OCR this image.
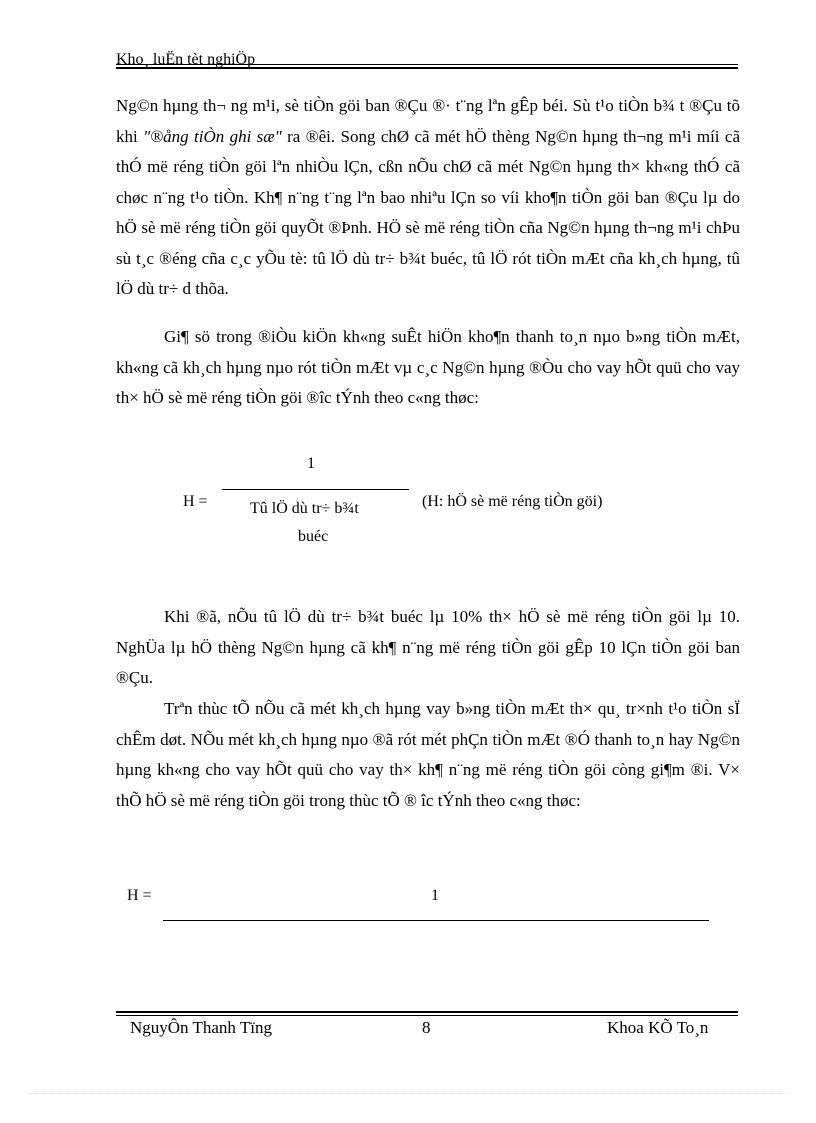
Kho¸ luËn tèt nghiÖp

Ng©n hµng th¬ ng m¹i, sè tiÒn göi ban ®Çu ®· t¨ng lªn gÊp béi. Sù t¹o tiÒn b¾ t ®Çu tõ khi "®ång tiÒn ghi sæ" ra ®êi. Song chØ cã mét hÖ thèng Ng©n hµng th¬ng m¹i míi cã thÓ më réng tiÒn göi lªn nhiÒu lÇn, cßn nÕu chØ cã mét Ng©n hµng th× kh«ng thÓ cã chøc n¨ng t¹o tiÒn. Kh¶ n¨ng t¨ng lªn bao nhiªu lÇn so víi kho¶n tiÒn göi ban ®Çu lµ do hÖ sè më réng tiÒn göi quyÕt ®Þnh. HÖ sè më réng tiÒn cña Ng©n hµng th¬ng m¹i chÞu sù t¸c ®éng cña c¸c yÕu tè: tû lÖ dù tr÷ b¾t buéc, tû lÖ rót tiÒn mÆt cña kh¸ch hµng, tû lÖ dù tr÷ d thõa.

Gi¶ sö trong ®iÒu kiÖn kh«ng suÊt hiÖn kho¶n thanh to¸n nµo b»ng tiÒn mÆt, kh«ng cã kh¸ch hµng nµo rót tiÒn mÆt vµ c¸c Ng©n hµng ®Òu cho vay hÕt quü cho vay th× hÖ sè më réng tiÒn göi ®îc tÝnh theo c«ng thøc:

1
H =	Tû lÖ dù tr÷ b¾t
buéc
(H: hÖ sè më réng tiÒn göi)

Khi ®ã, nÕu tû lÖ dù tr÷ b¾t buéc lµ 10% th× hÖ sè më réng tiÒn göi lµ 10. NghÜa lµ hÖ thèng Ng©n hµng cã kh¶ n¨ng më réng tiÒn göi gÊp 10 lÇn tiÒn göi ban ®Çu.

Trªn thùc tÕ nÕu cã mét kh¸ch hµng vay b»ng tiÒn mÆt th× qu¸ tr×nh t¹o tiÒn sÏ chÊm døt. NÕu mét kh¸ch hµng nµo ®ã rót mét phÇn tiÒn mÆt ®Ó thanh to¸n hay Ng©n hµng kh«ng cho vay hÕt quü cho vay th× kh¶ n¨ng më réng tiÒn göi còng gi¶m ®i. V× thÕ hÖ sè më réng tiÒn göi trong thùc tÕ ® îc tÝnh theo c«ng thøc:

H =	1
NguyÔn Thanh Tïng	8	Khoa KÕ To¸n
